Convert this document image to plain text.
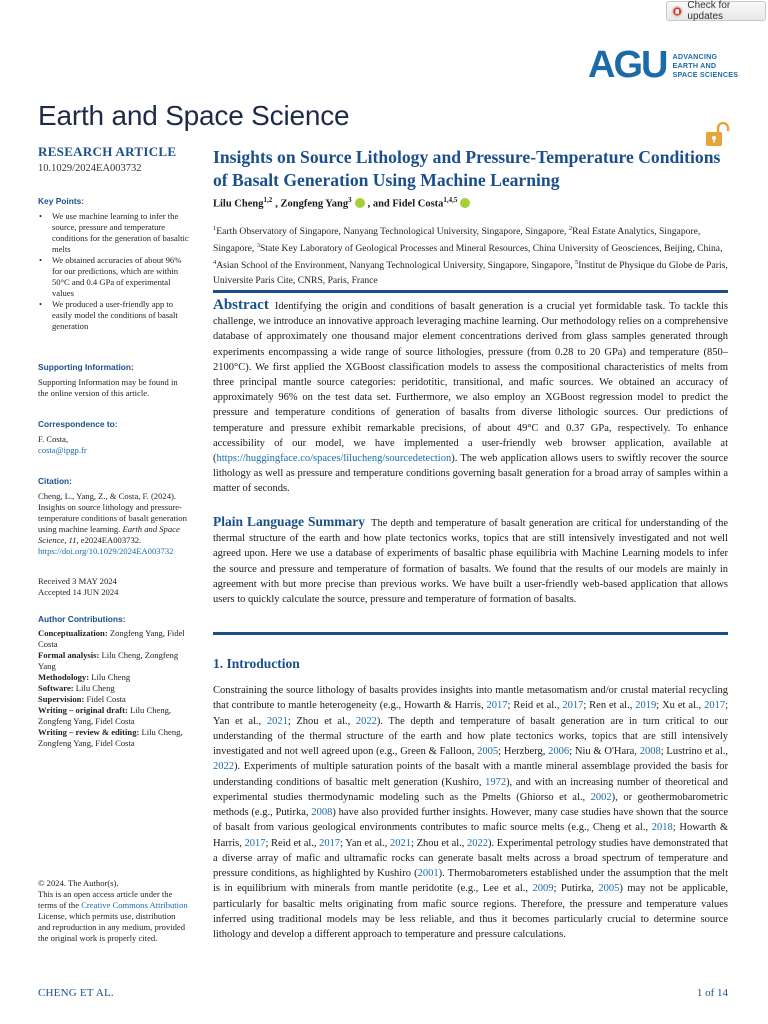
Check for updates
AGU ADVANCING
EARTH AND
SPACE SCIENCES
Earth and Space Science
RESEARCH ARTICLE
10.1029/2024EA003732
Key Points:
• We use machine learning to infer the source, pressure and temperature conditions for the generation of basaltic melts
• We obtained accuracies of about 96% for our predictions, which are within 50°C and 0.4 GPa of experimental values
• We produced a user-friendly app to easily model the conditions of basalt generation
Supporting Information:
Supporting Information may be found in the online version of this article.
Correspondence to:
F. Costa,
costa@ipgp.fr
Citation:
Cheng, L., Yang, Z., & Costa, F. (2024). Insights on source lithology and pressure-temperature conditions of basalt generation using machine learning. Earth and Space Science, 11, e2024EA003732.
https://doi.org/10.1029/2024EA003732
Received 3 MAY 2024
Accepted 14 JUN 2024
Author Contributions:
Conceptualization: Zongfeng Yang, Fidel Costa
Formal analysis: Lilu Cheng, Zongfeng Yang
Methodology: Lilu Cheng
Software: Lilu Cheng
Supervision: Fidel Costa
Writing – original draft: Lilu Cheng, Zongfeng Yang, Fidel Costa
Writing – review & editing: Lilu Cheng, Zongfeng Yang, Fidel Costa
© 2024. The Author(s).
This is an open access article under the terms of the Creative Commons Attribution License, which permits use, distribution and reproduction in any medium, provided the original work is properly cited.
Insights on Source Lithology and Pressure-Temperature Conditions of Basalt Generation Using Machine Learning
Lilu Cheng$^{1,2}$ , Zongfeng Yang$^3$ , and Fidel Costa$^{1,4,5}$
$^1$Earth Observatory of Singapore, Nanyang Technological University, Singapore, Singapore, $^2$Real Estate Analytics, Singapore, Singapore, $^3$State Key Laboratory of Geological Processes and Mineral Resources, China University of Geosciences, Beijing, China, $^4$Asian School of the Environment, Nanyang Technological University, Singapore, Singapore, $^5$Institut de Physique du Globe de Paris, Universite Paris Cite, CNRS, Paris, France
Abstract Identifying the origin and conditions of basalt generation is a crucial yet formidable task. To tackle this challenge, we introduce an innovative approach leveraging machine learning. Our methodology relies on a comprehensive database of approximately one thousand major element concentrations derived from glass samples generated through experiments encompassing a wide range of source lithologies, pressure (from 0.28 to 20 GPa) and temperature (850–2100°C). We first applied the XGBoost classification models to assess the compositional characteristics of melts from three principal mantle source categories: peridotitic, transitional, and mafic sources. We obtained an accuracy of approximately 96% on the test data set. Furthermore, we also employ an XGBoost regression model to predict the pressure and temperature conditions of generation of basalts from diverse lithologic sources. Our predictions of temperature and pressure exhibit remarkable precisions, of about 49°C and 0.37 GPa, respectively. To enhance accessibility of our model, we have implemented a user-friendly web browser application, available at (https://huggingface.co/spaces/lilucheng/sourcedetection). The web application allows users to swiftly recover the source lithology as well as pressure and temperature conditions governing basalt generation for a broad array of samples within a matter of seconds.
Plain Language Summary The depth and temperature of basalt generation are critical for understanding of the thermal structure of the earth and how plate tectonics works, topics that are still intensively investigated and not well agreed upon. Here we use a database of experiments of basaltic phase equilibria with Machine Learning models to infer the source and pressure and temperature of formation of basalts. We found that the results of our models are mainly in agreement with but more precise than previous works. We have built a user-friendly web-based application that allows users to quickly calculate the source, pressure and temperature of formation of basalts.
1. Introduction
Constraining the source lithology of basalts provides insights into mantle metasomatism and/or crustal material recycling that contribute to mantle heterogeneity (e.g., Howarth & Harris, 2017; Reid et al., 2017; Ren et al., 2019; Xu et al., 2017; Yan et al., 2021; Zhou et al., 2022). The depth and temperature of basalt generation are in turn critical to our understanding of the thermal structure of the earth and how plate tectonics works, topics that are still intensively investigated and not well agreed upon (e.g., Green & Falloon, 2005; Herzberg, 2006; Niu & O'Hara, 2008; Lustrino et al., 2022). Experiments of multiple saturation points of the basalt with a mantle mineral assemblage provided the basis for understanding conditions of basaltic melt generation (Kushiro, 1972), and with an increasing number of theoretical and experimental studies thermodynamic modeling such as the Pmelts (Ghiorso et al., 2002), or geothermobarometric methods (e.g., Putirka, 2008) have also provided further insights. However, many case studies have shown that the source of basalt from various geological environments contributes to mafic source melts (e.g., Cheng et al., 2018; Howarth & Harris, 2017; Reid et al., 2017; Yan et al., 2021; Zhou et al., 2022). Experimental petrology studies have demonstrated that a diverse array of mafic and ultramafic rocks can generate basalt melts across a broad spectrum of temperature and pressure conditions, as highlighted by Kushiro (2001). Thermobarometers established under the assumption that the melt is in equilibrium with minerals from mantle peridotite (e.g., Lee et al., 2009; Putirka, 2005) may not be applicable, particularly for basaltic melts originating from mafic source regions. Therefore, the pressure and temperature values inferred using traditional models may be less reliable, and thus it becomes particularly crucial to determine source lithology and develop a different approach to temperature and pressure calculations.
CHENG ET AL.	1 of 14
